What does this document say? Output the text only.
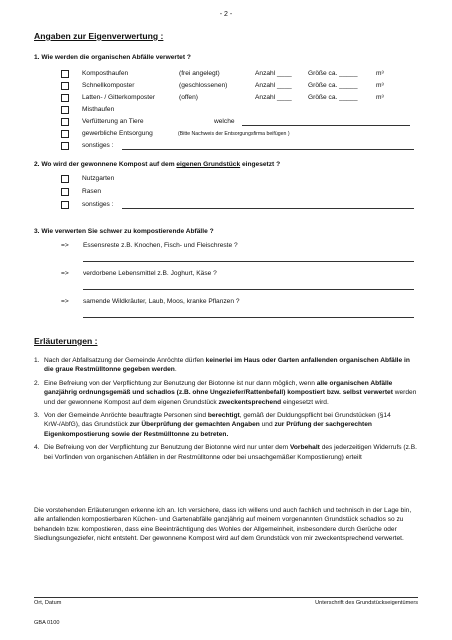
- 2 -
Angaben zur Eigenverwertung :
1. Wie werden die organischen Abfälle verwertet ?
Komposthaufen	(frei angelegt)	Anzahl ____ Größe ca. _____	m³
Schnellkomposter	(geschlossenen)	Anzahl ____ Größe ca. _____	m³
Latten- / Gitterkomposter	(offen)	Anzahl ____ Größe ca. _____	m³
Misthaufen
Verfütterung an Tiere	welche
gewerbliche Entsorgung	(Bitte Nachweis der Entsorgungsfirma beifügen )
sonstiges :
2. Wo wird der gewonnene Kompost auf dem eigenen Grundstück eingesetzt ?
Nutzgarten
Rasen
sonstiges :
3. Wie verwerten Sie schwer zu kompostierende Abfälle ?
=> Essensreste z.B. Knochen, Fisch- und Fleischreste ?
=> verdorbene Lebensmittel z.B. Joghurt, Käse ?
=> samende Wildkräuter, Laub, Moos, kranke Pflanzen ?
Erläuterungen :
1. Nach der Abfallsatzung der Gemeinde Anröchte dürfen keinerlei im Haus oder Garten anfallenden organischen Abfälle in die graue Restmülltonne gegeben werden.
2. Eine Befreiung von der Verpflichtung zur Benutzung der Biotonne ist nur dann möglich, wenn alle organischen Abfälle ganzjährig ordnungsgemäß und schadlos (z.B. ohne Ungeziefer/Rattenbefall) kompostiert bzw. selbst verwertet werden und der gewonnene Kompost auf dem eigenen Grundstück zweckentsprechend eingesetzt wird.
3. Von der Gemeinde Anröchte beauftragte Personen sind berechtigt, gemäß der Duldungspflicht bei Grundstücken (§14 KrW-/AbfG), das Grundstück zur Überprüfung der gemachten Angaben und zur Prüfung der sachgerechten Eigenkompostierung sowie der Restmülltonne zu betreten.
4. Die Befreiung von der Verpflichtung zur Benutzung der Biotonne wird nur unter dem Vorbehalt des jederzeitigen Widerrufs (z.B. bei Vorfinden von organischen Abfällen in der Restmülltonne oder bei unsachgemäßer Kompostierung) erteilt
Die vorstehenden Erläuterungen erkenne ich an. Ich versichere, dass ich willens und auch fachlich und technisch in der Lage bin, alle anfallenden kompostierbaren Küchen- und Gartenabfälle ganzjährig auf meinem vorgenannten Grundstück schadlos so zu behandeln bzw. kompostieren, dass eine Beeinträchtigung des Wohles der Allgemeinheit, insbesondere durch Gerüche oder Siedlungsungeziefer, nicht entsteht. Der gewonnene Kompost wird auf dem Grundstück von mir zweckentsprechend verwertet.
Ort, Datum	Unterschrift des Grundstückseigentümers
GBA 0100
